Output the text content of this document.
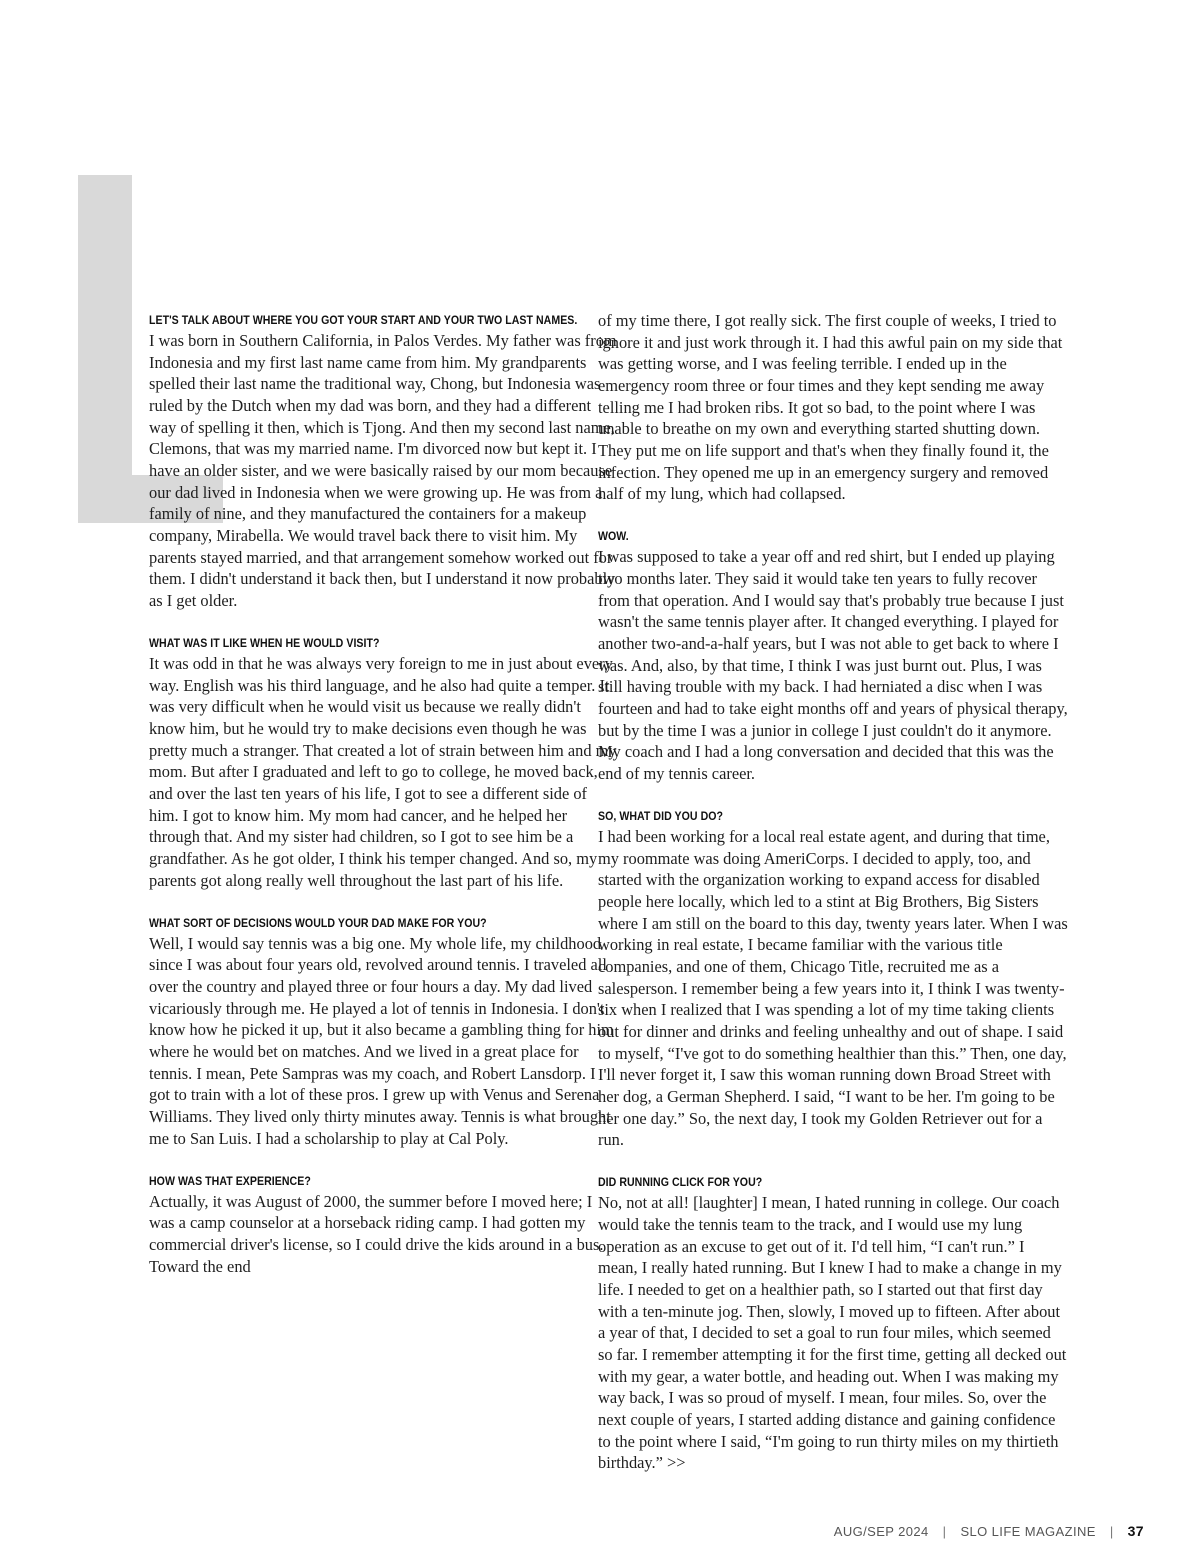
LET'S TALK ABOUT WHERE YOU GOT YOUR START AND YOUR TWO LAST NAMES.

I was born in Southern California, in Palos Verdes. My father was from Indonesia and my first last name came from him. My grandparents spelled their last name the traditional way, Chong, but Indonesia was ruled by the Dutch when my dad was born, and they had a different way of spelling it then, which is Tjong. And then my second last name, Clemons, that was my married name. I'm divorced now but kept it. I have an older sister, and we were basically raised by our mom because our dad lived in Indonesia when we were growing up. He was from a family of nine, and they manufactured the containers for a makeup company, Mirabella. We would travel back there to visit him. My parents stayed married, and that arrangement somehow worked out for them. I didn't understand it back then, but I understand it now probably as I get older.

WHAT WAS IT LIKE WHEN HE WOULD VISIT?

It was odd in that he was always very foreign to me in just about every way. English was his third language, and he also had quite a temper. It was very difficult when he would visit us because we really didn't know him, but he would try to make decisions even though he was pretty much a stranger. That created a lot of strain between him and my mom. But after I graduated and left to go to college, he moved back, and over the last ten years of his life, I got to see a different side of him. I got to know him. My mom had cancer, and he helped her through that. And my sister had children, so I got to see him be a grandfather. As he got older, I think his temper changed. And so, my parents got along really well throughout the last part of his life.

WHAT SORT OF DECISIONS WOULD YOUR DAD MAKE FOR YOU?

Well, I would say tennis was a big one. My whole life, my childhood since I was about four years old, revolved around tennis. I traveled all over the country and played three or four hours a day. My dad lived vicariously through me. He played a lot of tennis in Indonesia. I don't know how he picked it up, but it also became a gambling thing for him where he would bet on matches. And we lived in a great place for tennis. I mean, Pete Sampras was my coach, and Robert Lansdorp. I got to train with a lot of these pros. I grew up with Venus and Serena Williams. They lived only thirty minutes away. Tennis is what brought me to San Luis. I had a scholarship to play at Cal Poly.

HOW WAS THAT EXPERIENCE?

Actually, it was August of 2000, the summer before I moved here; I was a camp counselor at a horseback riding camp. I had gotten my commercial driver's license, so I could drive the kids around in a bus. Toward the end

of my time there, I got really sick. The first couple of weeks, I tried to ignore it and just work through it. I had this awful pain on my side that was getting worse, and I was feeling terrible. I ended up in the emergency room three or four times and they kept sending me away telling me I had broken ribs. It got so bad, to the point where I was unable to breathe on my own and everything started shutting down. They put me on life support and that's when they finally found it, the infection. They opened me up in an emergency surgery and removed half of my lung, which had collapsed.

WOW.

I was supposed to take a year off and red shirt, but I ended up playing two months later. They said it would take ten years to fully recover from that operation. And I would say that's probably true because I just wasn't the same tennis player after. It changed everything. I played for another two-and-a-half years, but I was not able to get back to where I was. And, also, by that time, I think I was just burnt out. Plus, I was still having trouble with my back. I had herniated a disc when I was fourteen and had to take eight months off and years of physical therapy, but by the time I was a junior in college I just couldn't do it anymore. My coach and I had a long conversation and decided that this was the end of my tennis career.

SO, WHAT DID YOU DO?

I had been working for a local real estate agent, and during that time, my roommate was doing AmeriCorps. I decided to apply, too, and started with the organization working to expand access for disabled people here locally, which led to a stint at Big Brothers, Big Sisters where I am still on the board to this day, twenty years later. When I was working in real estate, I became familiar with the various title companies, and one of them, Chicago Title, recruited me as a salesperson. I remember being a few years into it, I think I was twenty-six when I realized that I was spending a lot of my time taking clients out for dinner and drinks and feeling unhealthy and out of shape. I said to myself, “I've got to do something healthier than this.” Then, one day, I'll never forget it, I saw this woman running down Broad Street with her dog, a German Shepherd. I said, “I want to be her. I'm going to be her one day.” So, the next day, I took my Golden Retriever out for a run.

DID RUNNING CLICK FOR YOU?

No, not at all! [laughter] I mean, I hated running in college. Our coach would take the tennis team to the track, and I would use my lung operation as an excuse to get out of it. I'd tell him, “I can't run.” I mean, I really hated running. But I knew I had to make a change in my life. I needed to get on a healthier path, so I started out that first day with a ten-minute jog. Then, slowly, I moved up to fifteen. After about a year of that, I decided to set a goal to run four miles, which seemed so far. I remember attempting it for the first time, getting all decked out with my gear, a water bottle, and heading out. When I was making my way back, I was so proud of myself. I mean, four miles. So, over the next couple of years, I started adding distance and gaining confidence to the point where I said, “I'm going to run thirty miles on my thirtieth birthday.” >>

AUG/SEP 2024 | SLO LIFE MAGAZINE | 37
